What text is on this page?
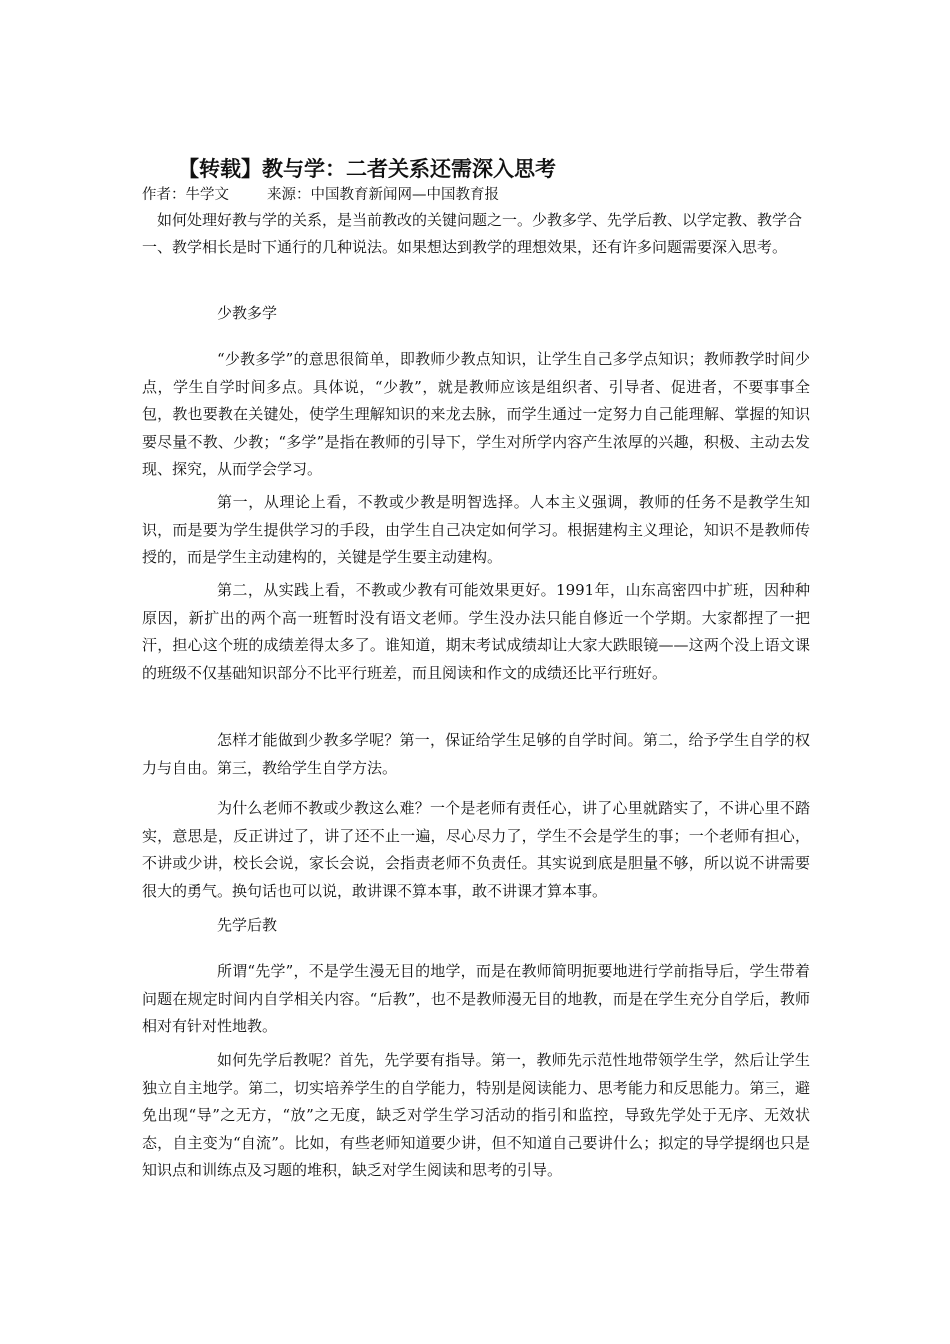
【转载】教与学：二者关系还需深入思考
作者：牛学文	来源：中国教育新闻网—中国教育报

如何处理好教与学的关系，是当前教改的关键问题之一。少教多学、先学后教、以学定教、教学合一、教学相长是时下通行的几种说法。如果想达到教学的理想效果，还有许多问题需要深入思考。

少教多学

“少教多学”的意思很简单，即教师少教点知识，让学生自己多学点知识；教师教学时间少点，学生自学时间多点。具体说，“少教”，就是教师应该是组织者、引导者、促进者，不要事事全包，教也要教在关键处，使学生理解知识的来龙去脉，而学生通过一定努力自己能理解、掌握的知识要尽量不教、少教；“多学”是指在教师的引导下，学生对所学内容产生浓厚的兴趣，积极、主动去发现、探究，从而学会学习。

第一，从理论上看，不教或少教是明智选择。人本主义强调，教师的任务不是教学生知识，而是要为学生提供学习的手段，由学生自己决定如何学习。根据建构主义理论，知识不是教师传授的，而是学生主动建构的，关键是学生要主动建构。

第二，从实践上看，不教或少教有可能效果更好。1991年，山东高密四中扩班，因种种原因，新扩出的两个高一班暂时没有语文老师。学生没办法只能自修近一个学期。大家都捏了一把汗，担心这个班的成绩差得太多了。谁知道，期末考试成绩却让大家大跌眼镜——这两个没上语文课的班级不仅基础知识部分不比平行班差，而且阅读和作文的成绩还比平行班好。

怎样才能做到少教多学呢？第一，保证给学生足够的自学时间。第二，给予学生自学的权力与自由。第三，教给学生自学方法。

为什么老师不教或少教这么难？一个是老师有责任心，讲了心里就踏实了，不讲心里不踏实，意思是，反正讲过了，讲了还不止一遍，尽心尽力了，学生不会是学生的事；一个老师有担心，不讲或少讲，校长会说，家长会说，会指责老师不负责任。其实说到底是胆量不够，所以说不讲需要很大的勇气。换句话也可以说，敢讲课不算本事，敢不讲课才算本事。

先学后教

所谓“先学”，不是学生漫无目的地学，而是在教师简明扼要地进行学前指导后，学生带着问题在规定时间内自学相关内容。“后教”，也不是教师漫无目的地教，而是在学生充分自学后，教师相对有针对性地教。

如何先学后教呢？首先，先学要有指导。第一，教师先示范性地带领学生学，然后让学生独立自主地学。第二，切实培养学生的自学能力，特别是阅读能力、思考能力和反思能力。第三，避免出现“导”之无方，“放”之无度，缺乏对学生学习活动的指引和监控，导致先学处于无序、无效状态，自主变为“自流”。比如，有些老师知道要少讲，但不知道自己要讲什么；拟定的导学提纲也只是知识点和训练点及习题的堆积，缺乏对学生阅读和思考的引导。
